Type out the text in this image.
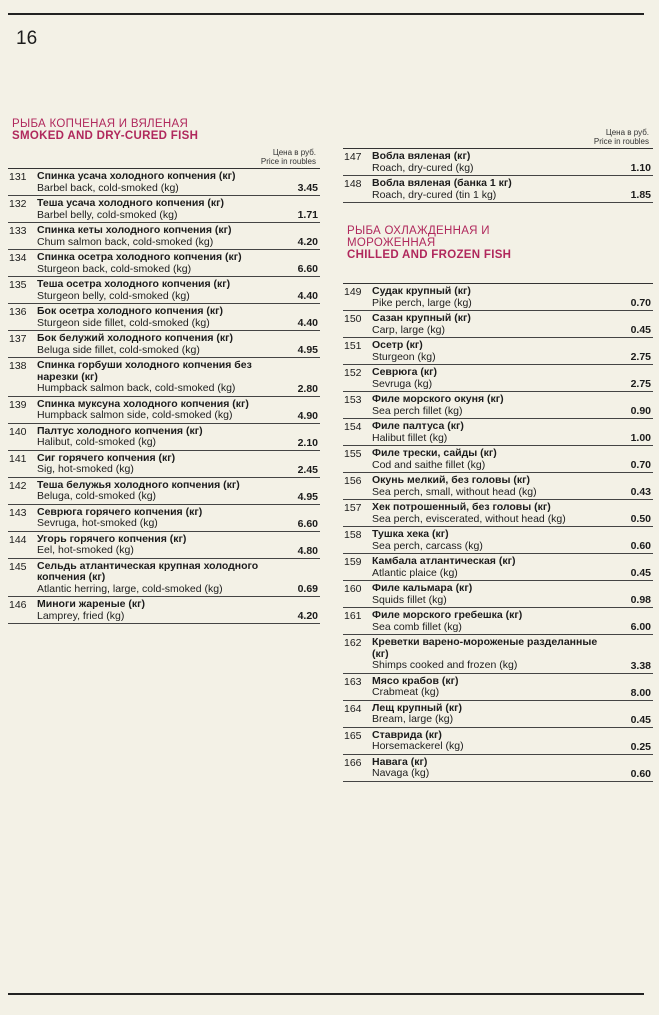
16
РЫБА КОПЧЕНАЯ И ВЯЛЕНАЯ
SMOKED AND DRY-CURED FISH
Цена в руб.
Price in roubles
131 Спинка усача холодного копчения (кг)
Barbel back, cold-smoked (kg)	3.45
132 Теша усача холодного копчения (кг)
Barbel belly, cold-smoked (kg)	1.71
133 Спинка кеты холодного копчения (кг)
Chum salmon back, cold-smoked (kg)	4.20
134 Спинка осетра холодного копчения (кг)
Sturgeon back, cold-smoked (kg)	6.60
135 Теша осетра холодного копчения (кг)
Sturgeon belly, cold-smoked (kg)	4.40
136 Бок осетра холодного копчения (кг)
Sturgeon side fillet, cold-smoked (kg)	4.40
137 Бок белужий холодного копчения (кг)
Beluga side fillet, cold-smoked (kg)	4.95
138 Спинка горбуши холодного копчения без нарезки (кг)
Humpback salmon back, cold-smoked (kg)	2.80
139 Спинка муксуна холодного копчения (кг)
Humpback salmon side, cold-smoked (kg)	4.90
140 Палтус холодного копчения (кг)
Halibut, cold-smoked (kg)	2.10
141 Сиг горячего копчения (кг)
Sig, hot-smoked (kg)	2.45
142 Теша белужья холодного копчения (кг)
Beluga, cold-smoked (kg)	4.95
143 Севрюга горячего копчения (кг)
Sevruga, hot-smoked (kg)	6.60
144 Угорь горячего копчения (кг)
Eel, hot-smoked (kg)	4.80
145 Сельдь атлантическая крупная холодного копчения (кг)
Atlantic herring, large, cold-smoked (kg)	0.69
146 Миноги жареные (кг)
Lamprey, fried (kg)	4.20
Цена в руб.
Price in roubles
147 Вобла вяленая (кг)
Roach, dry-cured (kg)	1.10
148 Вобла вяленая (банка 1 кг)
Roach, dry-cured (tin 1 kg)	1.85
РЫБА ОХЛАЖДЕННАЯ И
МОРОЖЕННАЯ
CHILLED AND FROZEN FISH
149 Судак крупный (кг)
Pike perch, large (kg)	0.70
150 Сазан крупный (кг)
Carp, large (kg)	0.45
151 Осетр (кг)
Sturgeon (kg)	2.75
152 Севрюга (кг)
Sevruga (kg)	2.75
153 Филе морского окуня (кг)
Sea perch fillet (kg)	0.90
154 Филе палтуса (кг)
Halibut fillet (kg)	1.00
155 Филе трески, сайды (кг)
Cod and saithe fillet (kg)	0.70
156 Окунь мелкий, без головы (кг)
Sea perch, small, without head (kg)	0.43
157 Хек потрошенный, без головы (кг)
Sea perch, eviscerated, without head (kg)	0.50
158 Тушка хека (кг)
Sea perch, carcass (kg)	0.60
159 Камбала атлантическая (кг)
Atlantic plaice (kg)	0.45
160 Филе кальмара (кг)
Squids fillet (kg)	0.98
161 Филе морского гребешка (кг)
Sea comb fillet (kg)	6.00
162 Креветки варено-мороженые разделанные (кг)
Shimps cooked and frozen (kg)	3.38
163 Мясо крабов (кг)
Crabmeat (kg)	8.00
164 Лещ крупный (кг)
Bream, large (kg)	0.45
165 Ставрида (кг)
Horsemackerel (kg)	0.25
166 Навага (кг)
Navaga (kg)	0.60
